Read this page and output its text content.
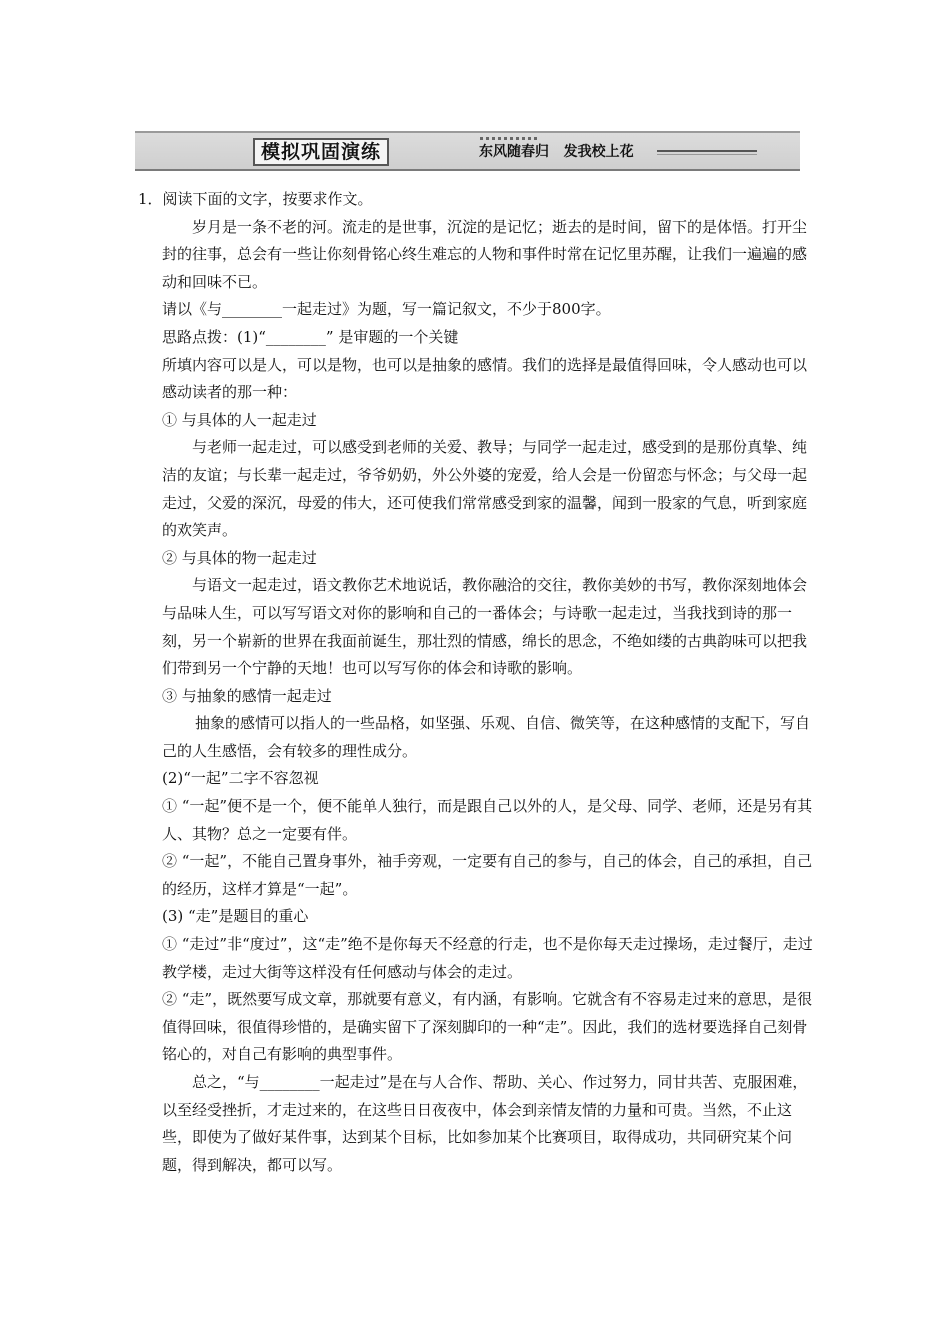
模拟巩固演练	东风随春归   发我校上花

1．阅读下面的文字，按要求作文。

岁月是一条不老的河。流走的是世事，沉淀的是记忆；逝去的是时间，留下的是体悟。打开尘封的往事，总会有一些让你刻骨铭心终生难忘的人物和事件时常在记忆里苏醒，让我们一遍遍的感动和回味不已。

请以《与________一起走过》为题，写一篇记叙文，不少于800字。

思路点拨：(1)“________” 是审题的一个关键

所填内容可以是人，可以是物，也可以是抽象的感情。我们的选择是最值得回味，令人感动也可以感动读者的那一种：

① 与具体的人一起走过

与老师一起走过，可以感受到老师的关爱、教导；与同学一起走过，感受到的是那份真挚、纯洁的友谊；与长辈一起走过，爷爷奶奶，外公外婆的宠爱，给人会是一份留恋与怀念；与父母一起走过，父爱的深沉，母爱的伟大，还可使我们常常感受到家的温馨，闻到一股家的气息，听到家庭的欢笑声。

② 与具体的物一起走过

与语文一起走过，语文教你艺术地说话，教你融洽的交往，教你美妙的书写，教你深刻地体会与品味人生，可以写写语文对你的影响和自己的一番体会；与诗歌一起走过，当我找到诗的那一刻，另一个崭新的世界在我面前诞生，那壮烈的情感，绵长的思念，不绝如缕的古典韵味可以把我们带到另一个宁静的天地！也可以写写你的体会和诗歌的影响。

③ 与抽象的感情一起走过

抽象的感情可以指人的一些品格，如坚强、乐观、自信、微笑等，在这种感情的支配下，写自己的人生感悟，会有较多的理性成分。

(2)“一起”二字不容忽视

① “一起”便不是一个，便不能单人独行，而是跟自己以外的人，是父母、同学、老师，还是另有其人、其物？总之一定要有伴。

② “一起”，不能自己置身事外，袖手旁观，一定要有自己的参与，自己的体会，自己的承担，自己的经历，这样才算是“一起”。

(3) “走”是题目的重心

① “走过”非“度过”，这“走”绝不是你每天不经意的行走，也不是你每天走过操场，走过餐厅，走过教学楼，走过大街等这样没有任何感动与体会的走过。

② “走”，既然要写成文章，那就要有意义，有内涵，有影响。它就含有不容易走过来的意思，是很值得回味，很值得珍惜的，是确实留下了深刻脚印的一种“走”。因此，我们的选材要选择自己刻骨铭心的，对自己有影响的典型事件。

总之，“与________一起走过”是在与人合作、帮助、关心、作过努力，同甘共苦、克服困难，以至经受挫折，才走过来的，在这些日日夜夜中，体会到亲情友情的力量和可贵。当然，不止这些，即使为了做好某件事，达到某个目标，比如参加某个比赛项目，取得成功，共同研究某个问题，得到解决，都可以写。
